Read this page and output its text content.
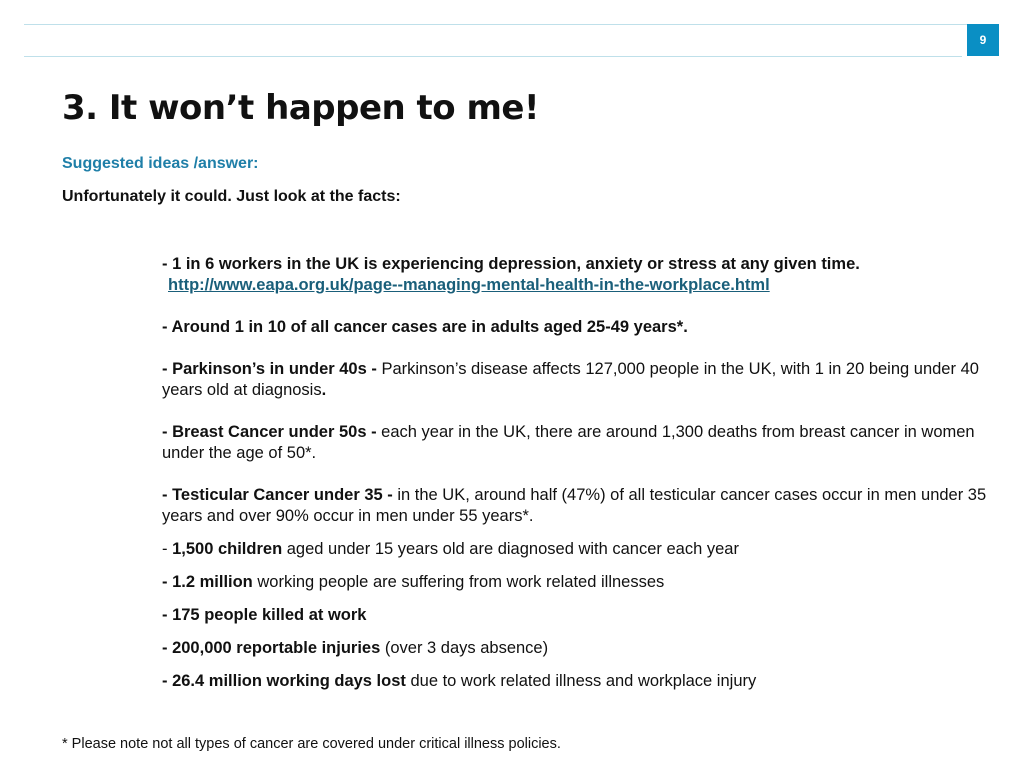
9
3. It won’t happen to me!

Suggested ideas /answer:

Unfortunately it could. Just look at the facts:

- 1 in 6 workers in the UK is experiencing depression, anxiety or stress at any given time. http://www.eapa.org.uk/page--managing-mental-health-in-the-workplace.html

- Around 1 in 10 of all cancer cases are in adults aged 25-49 years*.

- Parkinson’s in under 40s - Parkinson’s disease affects 127,000 people in the UK, with 1 in 20 being under 40 years old at diagnosis.

- Breast Cancer under 50s - each year in the UK, there are around 1,300 deaths from breast cancer in women under the age of 50*.

- Testicular Cancer under 35 - in the UK, around half (47%) of all testicular cancer cases occur in men under 35 years and over 90% occur in men under 55 years*.

- 1,500 children aged under 15 years old are diagnosed with cancer each year

- 1.2 million working people are suffering from work related illnesses

- 175 people killed at work

- 200,000 reportable injuries (over 3 days absence)

- 26.4 million working days lost due to work related illness and workplace injury

* Please note not all types of cancer are covered under critical illness policies.
